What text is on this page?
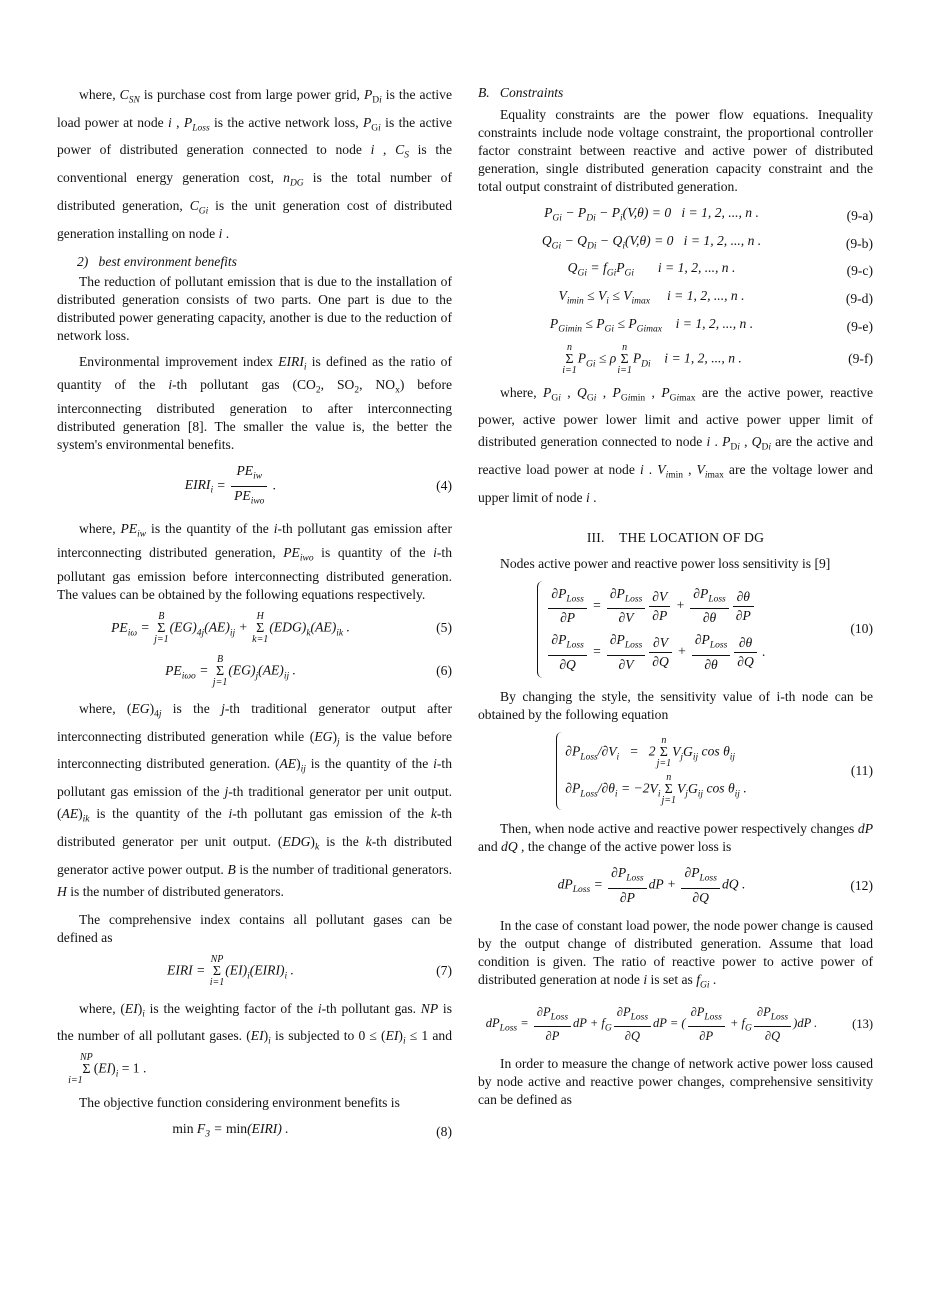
where, $C_{SN}$ is purchase cost from large power grid, $P_{Di}$ is the active load power at node i , $P_{Loss}$ is the active network loss, $P_{Gi}$ is the active power of distributed generation connected to node i , $C_S$ is the conventional energy generation cost, $n_{DG}$ is the total number of distributed generation, $C_{Gi}$ is the unit generation cost of distributed generation installing on node i .

2)   best environment benefits

The reduction of pollutant emission that is due to the installation of distributed generation consists of two parts. One part is due to the distributed power generating capacity, another is due to the reduction of network loss.

Environmental improvement index $EIRI_i$ is defined as the ratio of quantity of the i-th pollutant gas ($CO_2$, $SO_2$, $NO_x$) before interconnecting distributed generation to after interconnecting distributed generation [8]. The smaller the value is, the better the system's environmental benefits.

$EIRI_i = \frac{PE_{iw}}{PE_{iwo}}$ .	(4)

where, $PE_{iw}$ is the quantity of the i-th pollutant gas emission after interconnecting distributed generation, $PE_{iwo}$ is quantity of the i-th pollutant gas emission before interconnecting distributed generation. The values can be obtained by the following equations respectively.

$PE_{i\omega} = B$
Σ
$j=1(EG)_{4j}(AE)_{ij} + H$
Σ
$k=1(EDG)_k(AE)_{ik}$ .	(5)
$PE_{i\omega o} = B$
Σ
$j=1(EG)_j(AE)_{ij}$ .	(6)

where, $(EG)_{4j}$ is the j-th traditional generator output after interconnecting distributed generation while $(EG)_j$ is the value before interconnecting distributed generation. $(AE)_{ij}$ is the quantity of the i-th pollutant gas emission of the j-th traditional generator per unit output. $(AE)_{ik}$ is the quantity of the i-th pollutant gas emission of the k-th distributed generator per unit output. $(EDG)_k$ is the k-th distributed generator active power output. B is the number of traditional generators. H is the number of distributed generators.

The comprehensive index contains all pollutant gases can be defined as

EIRI = NP
Σ
$i=1(EI)_i(EIRI)_i$ .	(7)

where, $(EI)_i$ is the weighting factor of the i-th pollutant gas. NP is the number of all pollutant gases. $(EI)_i$ is subjected to $0 \le (EI)_i \le 1$ and NP
Σ
$i=1(EI)_i = 1$ .

The objective function considering environment benefits is

$\min F_3$ = min(EIRI) .	(8)
B.   Constraints

Equality constraints are the power flow equations. Inequality constraints include node voltage constraint, the proportional controller factor constraint between reactive and active power of distributed generation, single distributed generation capacity constraint and the total output constraint of distributed generation.

$P_{Gi} - P_{Di} - P_i(V,\theta) = 0$   i = 1, 2, ..., n .	(9-a)
$Q_{Gi} - Q_{Di} - Q_i(V,\theta) = 0$   i = 1, 2, ..., n .	(9-b)
$Q_{Gi} = f_{Gi}P_{Gi}$ i = 1, 2, ..., n .	(9-c)
$V_{imin} \le V_i \le V_{imax}$ i = 1, 2, ..., n .	(9-d)
$P_{Gimin} \le P_{Gi} \le P_{Gimax}$ i = 1, 2, ..., n .	(9-e)
n
Σ
$i=1P_{Gi} \le \rho n$
Σ
$i=1P_{Di}$ i = 1, 2, ..., n .	(9-f)

where, $P_{Gi}$ , $Q_{Gi}$ , $P_{Gimin}$ , $P_{Gimax}$ are the active power, reactive power, active power lower limit and active power upper limit of distributed generation connected to node i . $P_{Di}$ , $Q_{Di}$ are the active and reactive load power at node i . $V_{imin}$ , $V_{imax}$ are the voltage lower and upper limit of node i .

III.    THE LOCATION OF DG

Nodes active power and reactive power loss sensitivity is [9]

$\frac{\partial P_{Loss}}{\partial P} = \frac{\partial P_{Loss}}{\partial V} \frac{\partial V}{\partial P} + \frac{\partial P_{Loss}}{\partial\theta} \frac{\partial\theta}{\partial P}$
$\frac{\partial P_{Loss}}{\partial Q} = \frac{\partial P_{Loss}}{\partial V} \frac{\partial V}{\partial Q} + \frac{\partial P_{Loss}}{\partial\theta} \frac{\partial\theta}{\partial Q}$ .
(10)

By changing the style, the sensitivity value of i-th node can be obtained by the following equation

$\partial P_{Loss}/\partial V_i = 2n$
Σ
$j=1V_jG_{ij}$ $\cos \theta_{ij}$
$\partial P_{Loss}/\partial\theta_i = -2V_in$
Σ
$j=1V_jG_{ij}$ $\cos \theta_{ij}$ .
(11)

Then, when node active and reactive power respectively changes dP and dQ , the change of the active power loss is

$dP_{Loss} = \frac{\partial P_{Loss}}{\partial P}$ dP + $\frac{\partial P_{Loss}}{\partial Q}$ dQ .	(12)

In the case of constant load power, the node power change is caused by the output change of distributed generation. Assume that load condition is given. The ratio of reactive power to active power of distributed generation at node i is set as $f_{Gi}$ .

$dP_{Loss} = \frac{\partial P_{Loss}}{\partial P}$ dP + $f_G \frac{\partial P_{Loss}}{\partial Q}$ dP = ( $\frac{\partial P_{Loss}}{\partial P} + f_G \frac{\partial P_{Loss}}{\partial Q} )dP$ .	(13)

In order to measure the change of network active power loss caused by node active and reactive power changes, comprehensive sensitivity can be defined as
